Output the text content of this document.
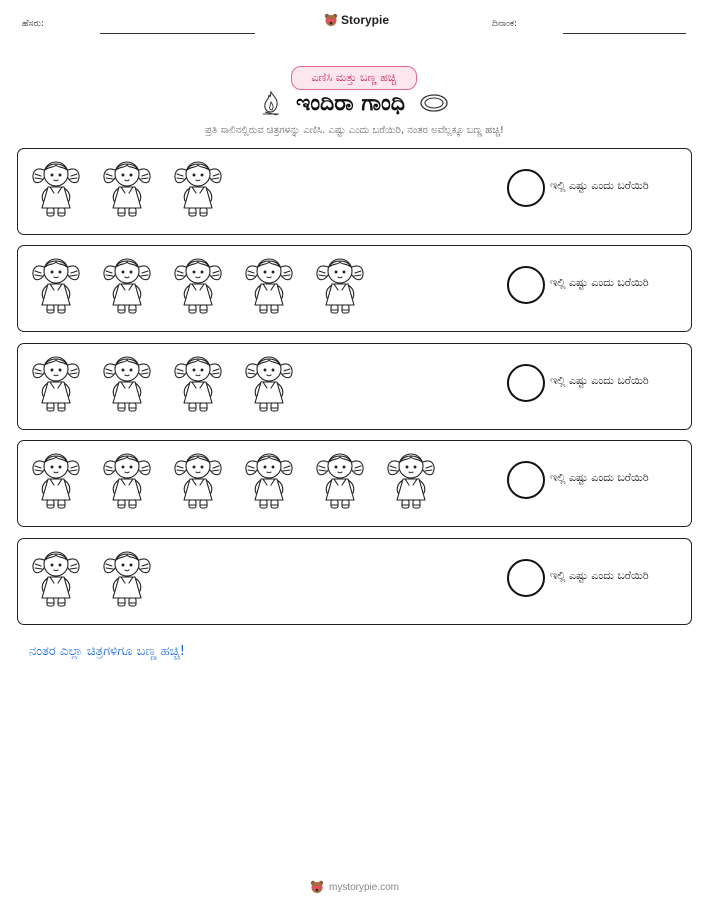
ಹೆಸರು:	Storypie	ದಿನಾಂಕ:
ಎಣಿಸಿ ಮತ್ತು ಬಣ್ಣ ಹಚ್ಚಿ
ಇಂದಿರಾ ಗಾಂಧಿ
ಪ್ರತಿ ಸಾಲಿನಲ್ಲಿರುವ ಚಿತ್ರಗಳನ್ನು ಎಣಿಸಿ. ಎಷ್ಟು ಎಂದು ಬರೆಯಿರಿ, ನಂತರ ಅವೆಲ್ಲಕ್ಕೂ ಬಣ್ಣ ಹಚ್ಚಿ!
ಇಲ್ಲಿ ಎಷ್ಟು ಎಂದು ಬರೆಯಿರಿ
ಇಲ್ಲಿ ಎಷ್ಟು ಎಂದು ಬರೆಯಿರಿ
ಇಲ್ಲಿ ಎಷ್ಟು ಎಂದು ಬರೆಯಿರಿ
ಇಲ್ಲಿ ಎಷ್ಟು ಎಂದು ಬರೆಯಿರಿ
ಇಲ್ಲಿ ಎಷ್ಟು ಎಂದು ಬರೆಯಿರಿ
ನಂತರ ಎಲ್ಲಾ ಚಿತ್ರಗಳಿಗೂ ಬಣ್ಣ ಹಚ್ಚಿ!
mystorypie.com
